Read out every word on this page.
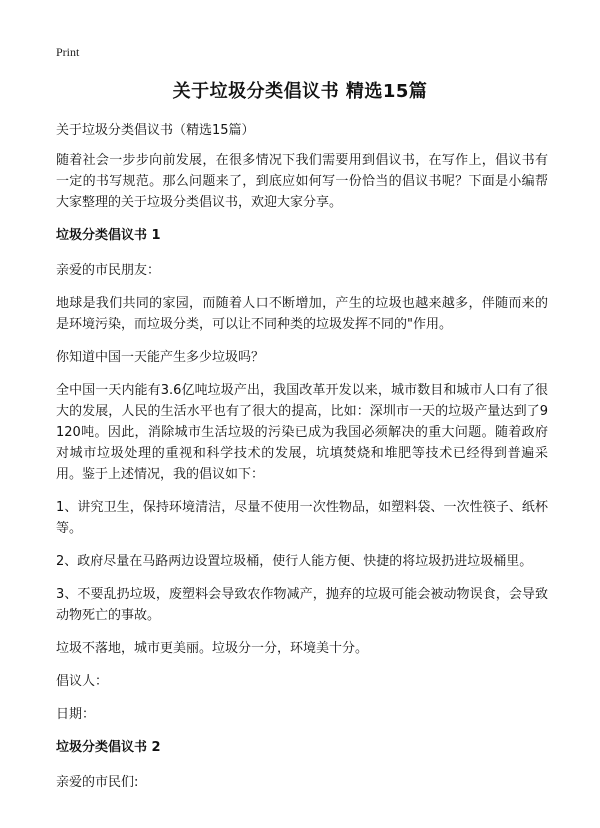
Print
关于垃圾分类倡议书 精选15篇

关于垃圾分类倡议书（精选15篇）

随着社会一步步向前发展，在很多情况下我们需要用到倡议书，在写作上，倡议书有一定的书写规范。那么问题来了，到底应如何写一份恰当的倡议书呢？下面是小编帮大家整理的关于垃圾分类倡议书，欢迎大家分享。

垃圾分类倡议书 1

亲爱的市民朋友：

地球是我们共同的家园，而随着人口不断增加，产生的垃圾也越来越多，伴随而来的是环境污染，而垃圾分类，可以让不同种类的垃圾发挥不同的"作用。

你知道中国一天能产生多少垃圾吗？

全中国一天内能有3.6亿吨垃圾产出，我国改革开发以来，城市数目和城市人口有了很大的发展，人民的生活水平也有了很大的提高，比如：深圳市一天的垃圾产量达到了9120吨。因此，消除城市生活垃圾的污染已成为我国必须解决的重大问题。随着政府对城市垃圾处理的重视和科学技术的发展，坑填焚烧和堆肥等技术已经得到普遍采用。鉴于上述情况，我的倡议如下：

1、讲究卫生，保持环境清洁，尽量不使用一次性物品，如塑料袋、一次性筷子、纸杯等。

2、政府尽量在马路两边设置垃圾桶，使行人能方便、快捷的将垃圾扔进垃圾桶里。

3、不要乱扔垃圾，废塑料会导致农作物减产，抛弃的垃圾可能会被动物误食，会导致动物死亡的事故。

垃圾不落地，城市更美丽。垃圾分一分，环境美十分。

倡议人：

日期：

垃圾分类倡议书 2

亲爱的市民们:
